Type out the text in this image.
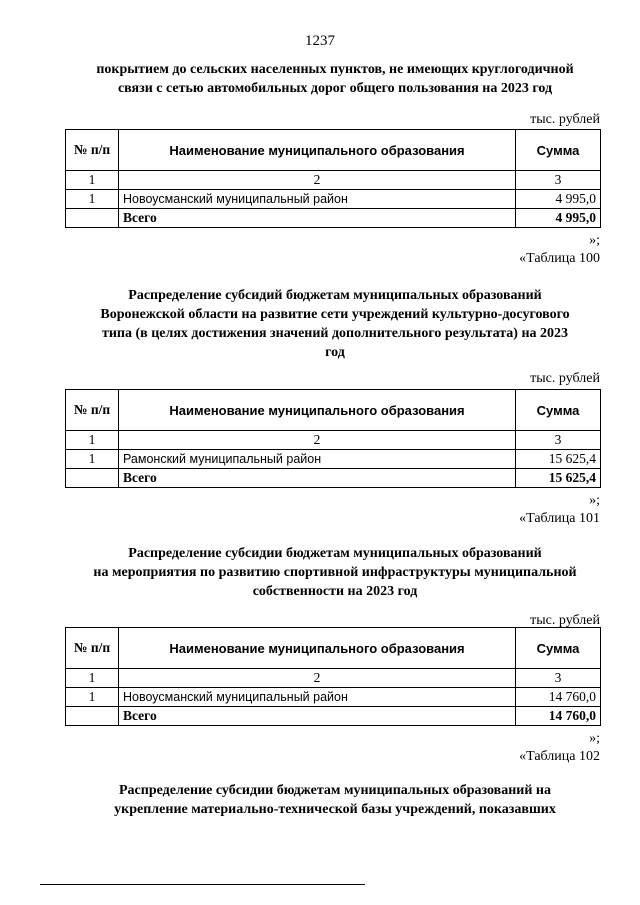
1237
покрытием до сельских населенных пунктов, не имеющих круглогодичной
связи с сетью автомобильных дорог общего пользования на 2023 год
тыс. рублей
№ п/п	Наименование муниципального образования	Сумма
1	2	3
1	Новоусманский муниципальный район	4 995,0
	Всего	4 995,0
»;
«Таблица 100
Распределение субсидий бюджетам муниципальных образований
Воронежской области на развитие сети учреждений культурно-досугового
типа (в целях достижения значений дополнительного результата) на 2023
год
тыс. рублей
№ п/п	Наименование муниципального образования	Сумма
1	2	3
1	Рамонский муниципальный район	15 625,4
	Всего	15 625,4
»;
«Таблица 101
Распределение субсидии бюджетам муниципальных образований
на мероприятия по развитию спортивной инфраструктуры муниципальной
собственности на 2023 год
тыс. рублей
№ п/п	Наименование муниципального образования	Сумма
1	2	3
1	Новоусманский муниципальный район	14 760,0
	Всего	14 760,0
»;
«Таблица 102
Распределение субсидии бюджетам муниципальных образований на
укрепление материально-технической базы учреждений, показавших
